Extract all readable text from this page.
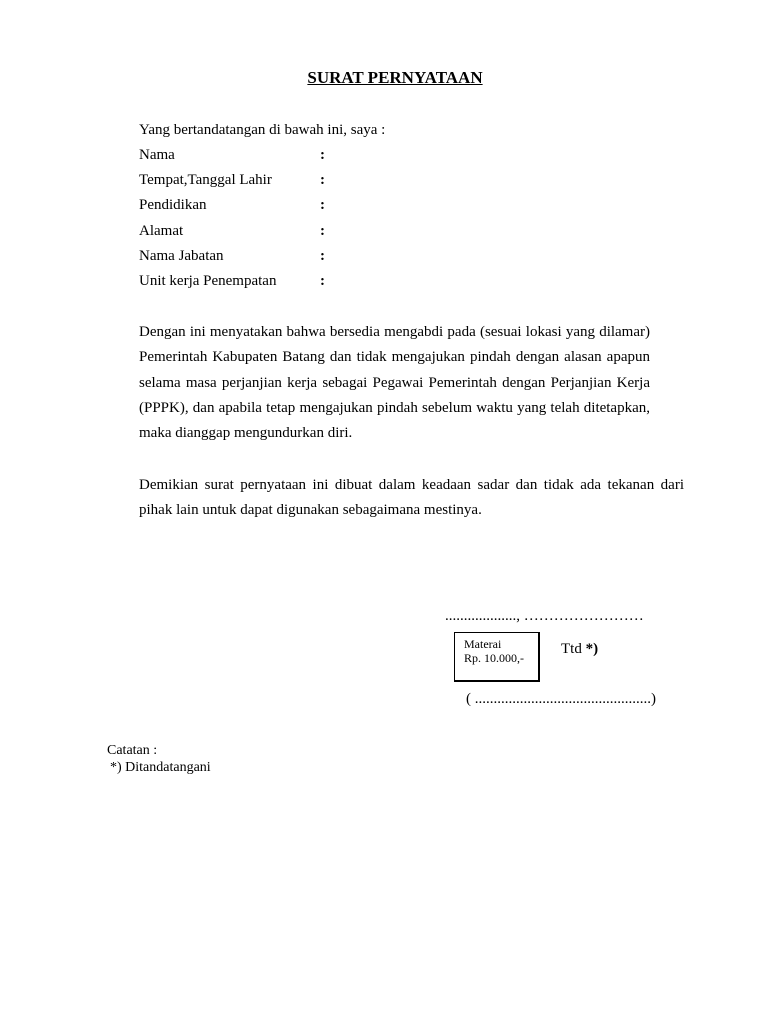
SURAT PERNYATAAN
Yang bertandatangan di bawah ini, saya :
Nama	:
Tempat,Tanggal Lahir	:
Pendidikan	:
Alamat	:
Nama Jabatan	:
Unit kerja Penempatan	:
Dengan ini menyatakan bahwa bersedia mengabdi pada (sesuai lokasi yang dilamar) Pemerintah Kabupaten Batang dan tidak mengajukan pindah dengan alasan apapun selama masa perjanjian kerja sebagai Pegawai Pemerintah dengan Perjanjian Kerja (PPPK), dan apabila tetap mengajukan pindah sebelum waktu yang telah ditetapkan, maka dianggap mengundurkan diri.
Demikian surat pernyataan ini dibuat dalam keadaan sadar dan tidak ada tekanan dari pihak lain untuk dapat digunakan sebagaimana mestinya.
..................., ……………………
Materai
Rp. 10.000,-
Ttd *)
( ...............................................)
Catatan :
*) Ditandatangani
